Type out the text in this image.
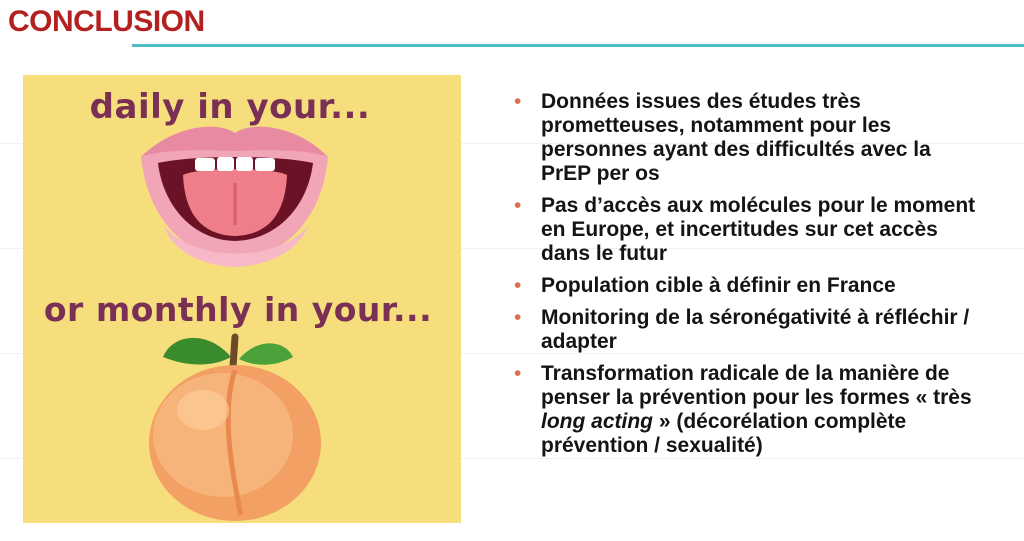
CONCLUSION
daily in your...
or monthly in your...
• Données issues des études très prometteuses, notamment pour les personnes ayant des difficultés avec la PrEP per os
• Pas d’accès aux molécules pour le moment en Europe, et incertitudes sur cet accès dans le futur
• Population cible à définir en France
• Monitoring de la séronégativité à réfléchir / adapter
• Transformation radicale de la manière de penser la prévention pour les formes « très long acting » (décorélation complète prévention / sexualité)
